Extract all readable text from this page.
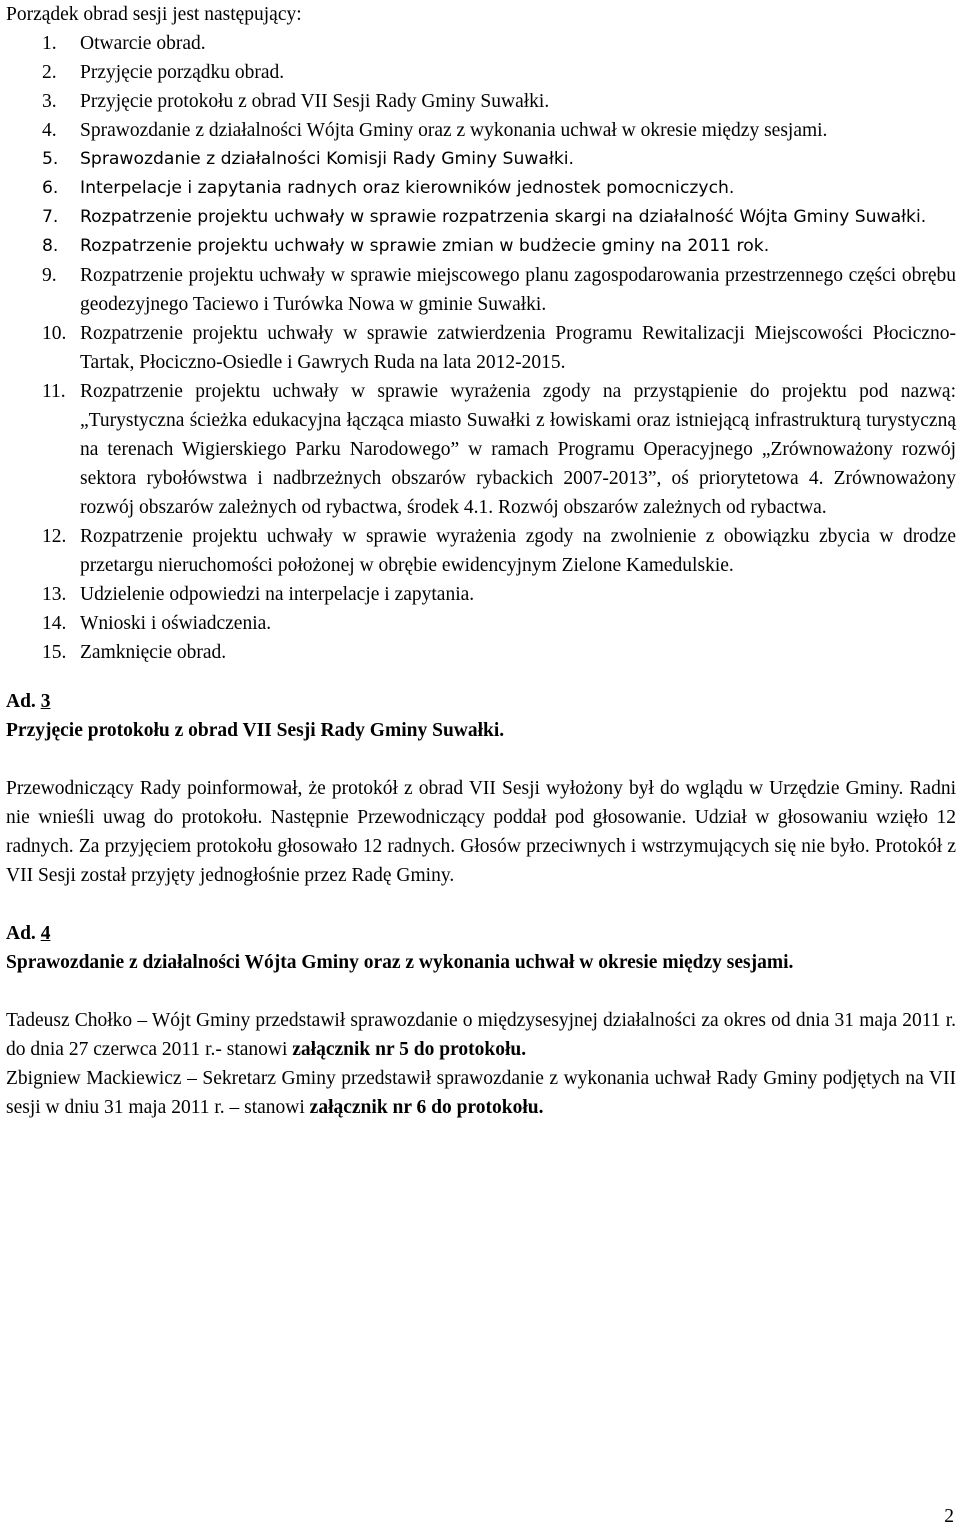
Porządek obrad sesji jest następujący:

1.	Otwarcie obrad.
2.	Przyjęcie porządku obrad.
3.	Przyjęcie protokołu z obrad VII Sesji Rady Gminy Suwałki.
4.	Sprawozdanie z działalności Wójta Gminy oraz z wykonania uchwał w okresie między sesjami.
5.	Sprawozdanie z działalności Komisji Rady Gminy Suwałki.
6.	Interpelacje i zapytania radnych oraz kierowników jednostek pomocniczych.
7.	Rozpatrzenie projektu uchwały w sprawie rozpatrzenia skargi na działalność Wójta Gminy Suwałki.
8.	Rozpatrzenie projektu uchwały w sprawie zmian w budżecie gminy na 2011 rok.
9.	Rozpatrzenie projektu uchwały w sprawie miejscowego planu zagospodarowania przestrzennego części obrębu geodezyjnego Taciewo i Turówka Nowa w gminie Suwałki.
10. Rozpatrzenie projektu uchwały w sprawie zatwierdzenia Programu Rewitalizacji Miejscowości Płociczno-Tartak, Płociczno-Osiedle i Gawrych Ruda na lata 2012-2015.
11. Rozpatrzenie projektu uchwały w sprawie wyrażenia zgody na przystąpienie do projektu pod nazwą: „Turystyczna ścieżka edukacyjna łącząca miasto Suwałki z łowiskami oraz istniejącą infrastrukturą turystyczną na terenach Wigierskiego Parku Narodowego” w ramach Programu Operacyjnego „Zrównoważony rozwój sektora rybołówstwa i nadbrzeżnych obszarów rybackich 2007-2013”, oś priorytetowa 4. Zrównoważony rozwój obszarów zależnych od rybactwa, środek 4.1. Rozwój obszarów zależnych od rybactwa.
12. Rozpatrzenie projektu uchwały w sprawie wyrażenia zgody na zwolnienie z obowiązku zbycia w drodze przetargu nieruchomości położonej w obrębie ewidencyjnym Zielone Kamedulskie.
13. Udzielenie odpowiedzi na interpelacje i zapytania.
14. Wnioski i oświadczenia.
15. Zamknięcie obrad.

Ad. 3

Przyjęcie protokołu z obrad VII Sesji Rady Gminy Suwałki.

Przewodniczący Rady poinformował, że protokół z obrad VII Sesji wyłożony był do wglądu w Urzędzie Gminy. Radni nie wnieśli uwag do protokołu. Następnie Przewodniczący poddał pod głosowanie. Udział w głosowaniu wzięło 12 radnych. Za przyjęciem protokołu głosowało 12 radnych. Głosów przeciwnych i wstrzymujących się nie było. Protokół z VII Sesji został przyjęty jednogłośnie przez Radę Gminy.

Ad. 4

Sprawozdanie z działalności Wójta Gminy oraz z wykonania uchwał w okresie między sesjami.

Tadeusz Chołko – Wójt Gminy przedstawił sprawozdanie o międzysesyjnej działalności za okres od dnia 31 maja 2011 r. do dnia 27 czerwca 2011 r.- stanowi załącznik nr 5 do protokołu.

Zbigniew Mackiewicz – Sekretarz Gminy przedstawił sprawozdanie z wykonania uchwał Rady Gminy podjętych na VII sesji w dniu 31 maja 2011 r. – stanowi załącznik nr 6 do protokołu.

2
